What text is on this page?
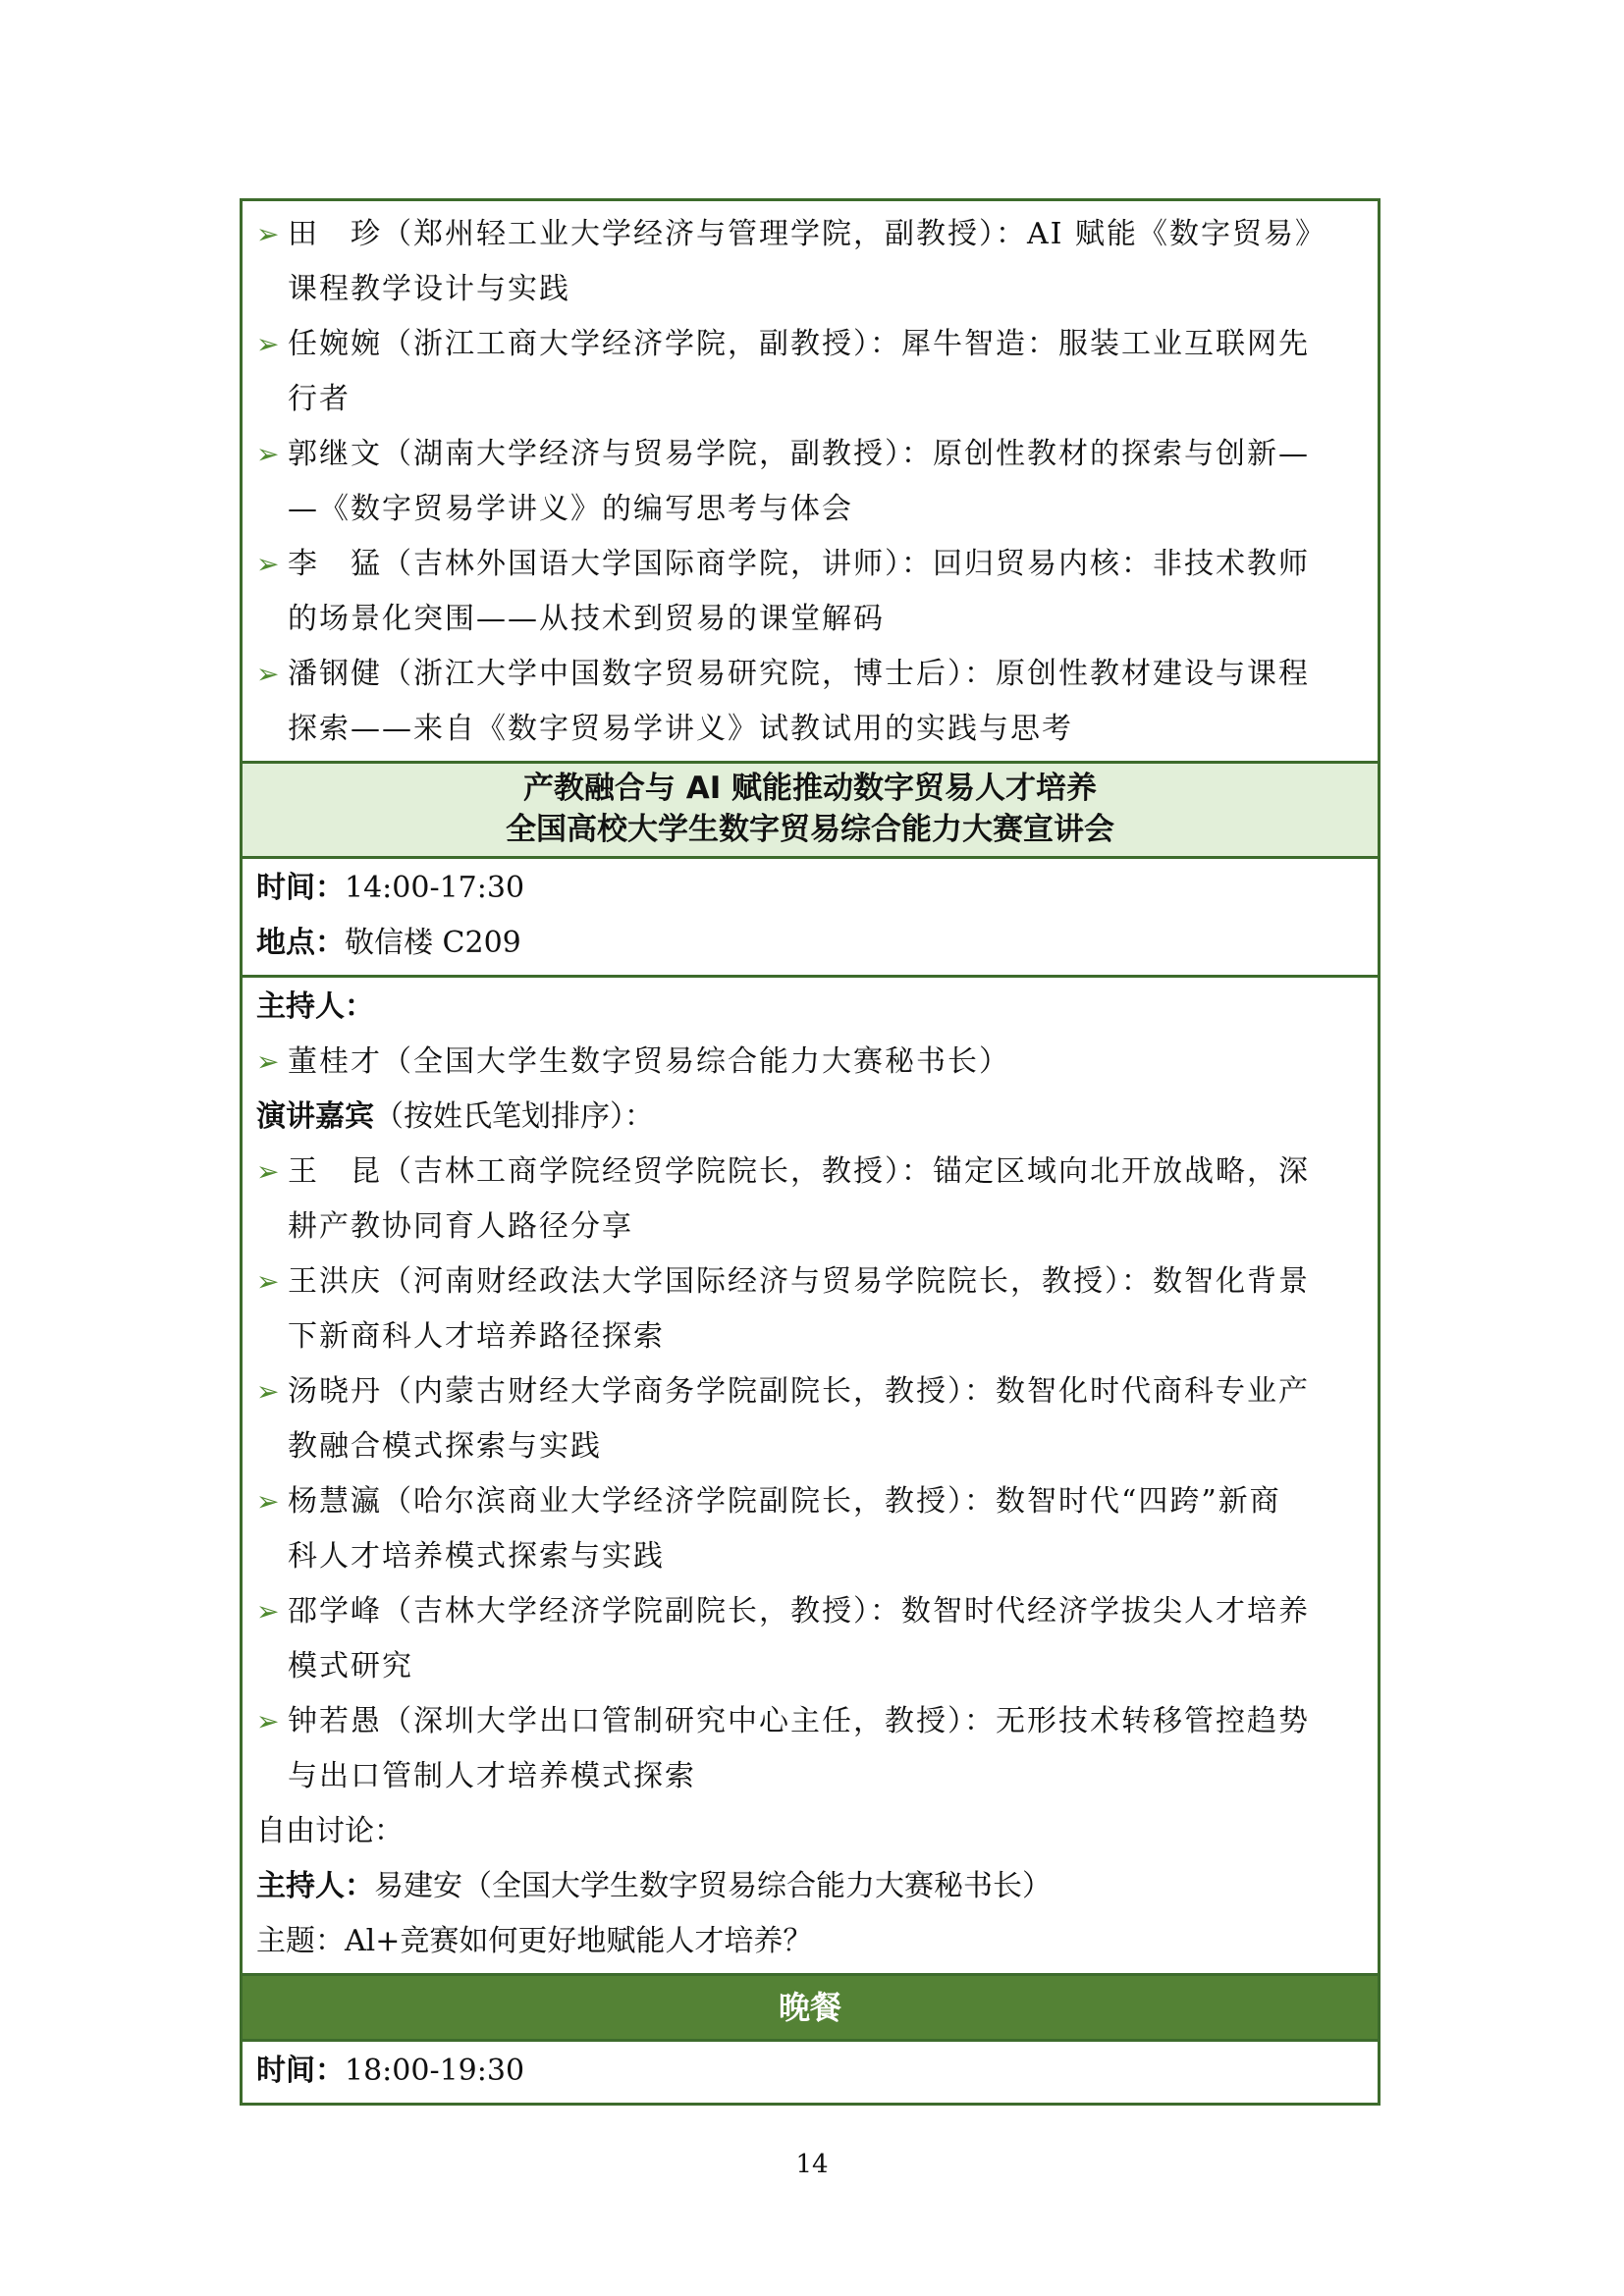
➢ 田　珍（郑州轻工业大学经济与管理学院，副教授）：AI 赋能《数字贸易》
课程教学设计与实践
➢ 任婉婉（浙江工商大学经济学院，副教授）：犀牛智造：服装工业互联网先
行者
➢ 郭继文（湖南大学经济与贸易学院，副教授）：原创性教材的探索与创新—
—《数字贸易学讲义》的编写思考与体会
➢ 李　猛（吉林外国语大学国际商学院，讲师）：回归贸易内核：非技术教师
的场景化突围——从技术到贸易的课堂解码
➢ 潘钢健（浙江大学中国数字贸易研究院，博士后）：原创性教材建设与课程
探索——来自《数字贸易学讲义》试教试用的实践与思考
产教融合与 AI 赋能推动数字贸易人才培养
全国高校大学生数字贸易综合能力大赛宣讲会
时间：14:00-17:30
地点：敬信楼 C209
主持人：
➢ 董桂才（全国大学生数字贸易综合能力大赛秘书长）
演讲嘉宾（按姓氏笔划排序）：
➢ 王　昆（吉林工商学院经贸学院院长，教授）：锚定区域向北开放战略，深
耕产教协同育人路径分享
➢ 王洪庆（河南财经政法大学国际经济与贸易学院院长，教授）：数智化背景
下新商科人才培养路径探索
➢ 汤晓丹（内蒙古财经大学商务学院副院长，教授）：数智化时代商科专业产
教融合模式探索与实践
➢ 杨慧瀛（哈尔滨商业大学经济学院副院长，教授）：数智时代“四跨”新商
科人才培养模式探索与实践
➢ 邵学峰（吉林大学经济学院副院长，教授）：数智时代经济学拔尖人才培养
模式研究
➢ 钟若愚（深圳大学出口管制研究中心主任，教授）：无形技术转移管控趋势
与出口管制人才培养模式探索
自由讨论：
主持人：易建安（全国大学生数字贸易综合能力大赛秘书长）
主题：Al+竞赛如何更好地赋能人才培养？
晚餐
时间：18:00-19:30
14
